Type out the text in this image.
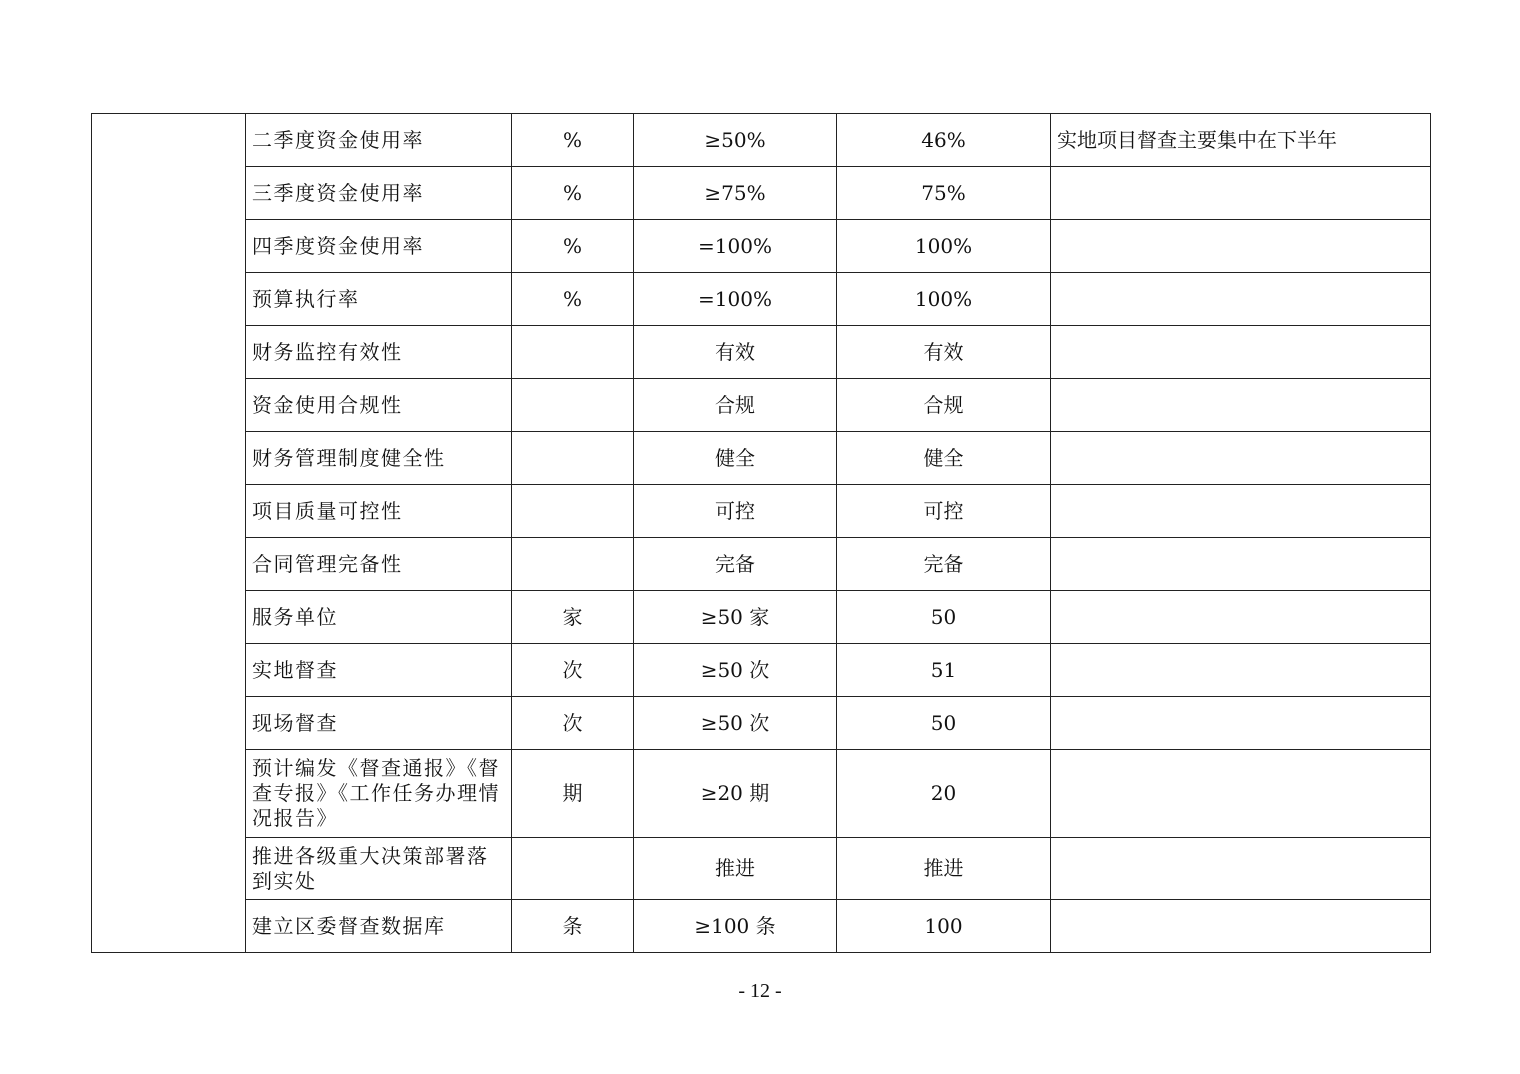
	二季度资金使用率	%	≥50%	46%	实地项目督查主要集中在下半年
	三季度资金使用率	%	≥75%	75%	
	四季度资金使用率	%	=100%	100%	
	预算执行率	%	=100%	100%	
	财务监控有效性		有效	有效	
	资金使用合规性		合规	合规	
	财务管理制度健全性		健全	健全	
	项目质量可控性		可控	可控	
	合同管理完备性		完备	完备	
	服务单位	家	≥50 家	50	
	实地督查	次	≥50 次	51	
	现场督查	次	≥50 次	50	
	预计编发《督查通报》《督查专报》《工作任务办理情况报告》	期	≥20 期	20	
	推进各级重大决策部署落到实处		推进	推进	
	建立区委督查数据库	条	≥100 条	100	
- 12 -
